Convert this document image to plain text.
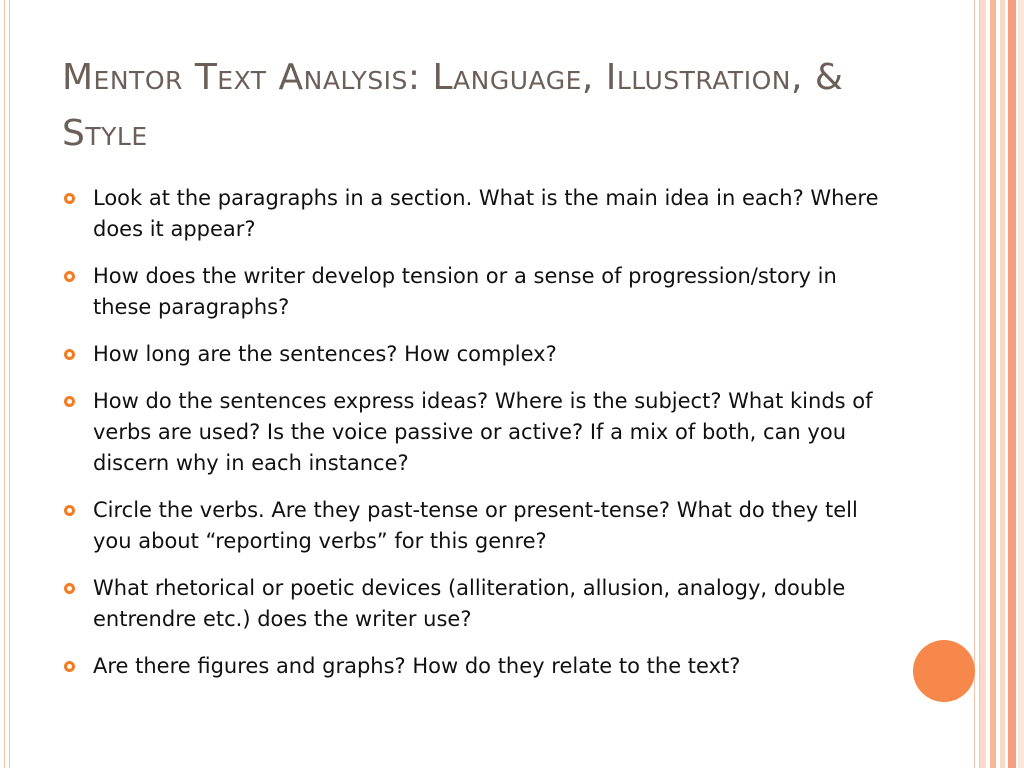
Mentor Text Analysis: Language, Illustration, & Style
Look at the paragraphs in a section. What is the main idea in each? Where does it appear?
How does the writer develop tension or a sense of progression/story in these paragraphs?
How long are the sentences? How complex?
How do the sentences express ideas? Where is the subject? What kinds of verbs are used? Is the voice passive or active? If a mix of both, can you discern why in each instance?
Circle the verbs. Are they past-tense or present-tense? What do they tell you about “reporting verbs” for this genre?
What rhetorical or poetic devices (alliteration, allusion, analogy, double entrendre etc.) does the writer use?
Are there figures and graphs? How do they relate to the text?
